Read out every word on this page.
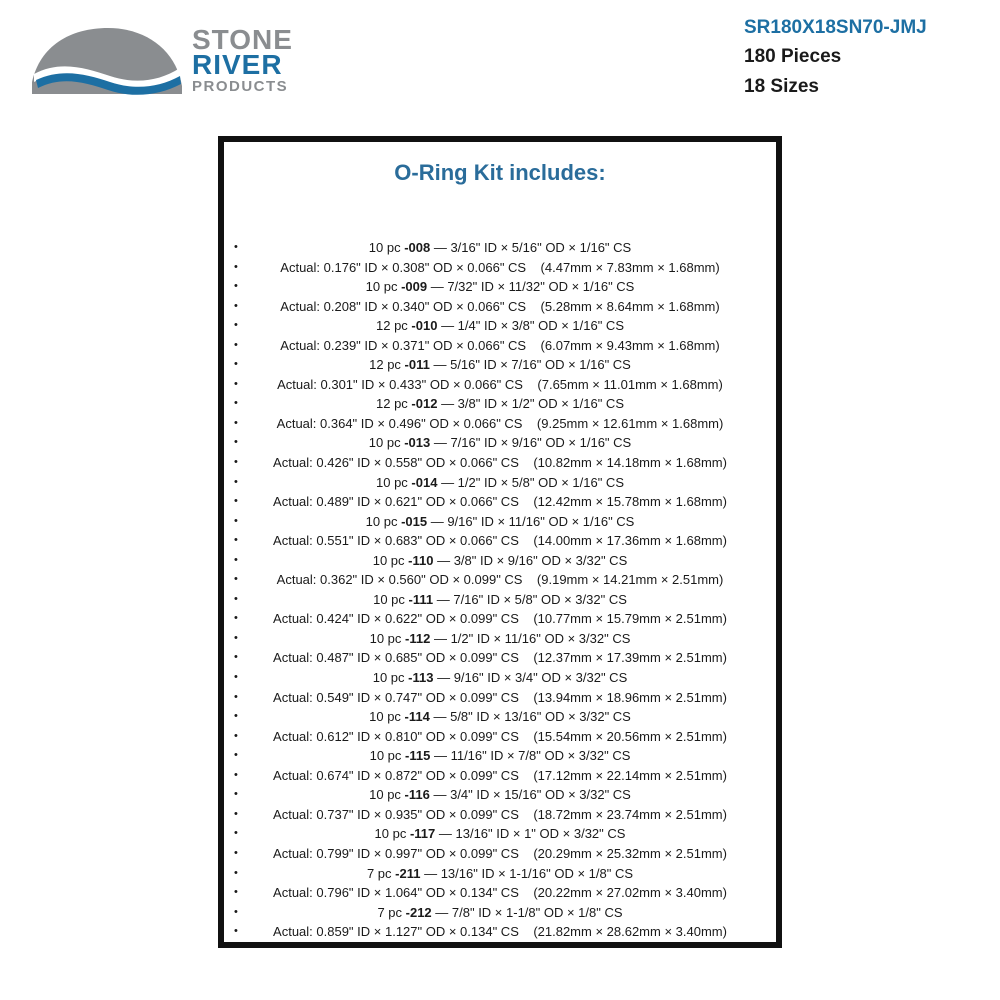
STONE
RIVER
PRODUCTS
SR180X18SN70-JMJ
180 Pieces
18 Sizes
O-Ring Kit includes:
•	10 pc -008 — 3/16" ID × 5/16" OD × 1/16" CS
•	Actual: 0.176" ID × 0.308" OD × 0.066" CS    (4.47mm × 7.83mm × 1.68mm)
•	10 pc -009 — 7/32" ID × 11/32" OD × 1/16" CS
•	Actual: 0.208" ID × 0.340" OD × 0.066" CS    (5.28mm × 8.64mm × 1.68mm)
•	12 pc -010 — 1/4" ID × 3/8" OD × 1/16" CS
•	Actual: 0.239" ID × 0.371" OD × 0.066" CS    (6.07mm × 9.43mm × 1.68mm)
•	12 pc -011 — 5/16" ID × 7/16" OD × 1/16" CS
•	Actual: 0.301" ID × 0.433" OD × 0.066" CS    (7.65mm × 11.01mm × 1.68mm)
•	12 pc -012 — 3/8" ID × 1/2" OD × 1/16" CS
•	Actual: 0.364" ID × 0.496" OD × 0.066" CS    (9.25mm × 12.61mm × 1.68mm)
•	10 pc -013 — 7/16" ID × 9/16" OD × 1/16" CS
•	Actual: 0.426" ID × 0.558" OD × 0.066" CS    (10.82mm × 14.18mm × 1.68mm)
•	10 pc -014 — 1/2" ID × 5/8" OD × 1/16" CS
•	Actual: 0.489" ID × 0.621" OD × 0.066" CS    (12.42mm × 15.78mm × 1.68mm)
•	10 pc -015 — 9/16" ID × 11/16" OD × 1/16" CS
•	Actual: 0.551" ID × 0.683" OD × 0.066" CS    (14.00mm × 17.36mm × 1.68mm)
•	10 pc -110 — 3/8" ID × 9/16" OD × 3/32" CS
•	Actual: 0.362" ID × 0.560" OD × 0.099" CS    (9.19mm × 14.21mm × 2.51mm)
•	10 pc -111 — 7/16" ID × 5/8" OD × 3/32" CS
•	Actual: 0.424" ID × 0.622" OD × 0.099" CS    (10.77mm × 15.79mm × 2.51mm)
•	10 pc -112 — 1/2" ID × 11/16" OD × 3/32" CS
•	Actual: 0.487" ID × 0.685" OD × 0.099" CS    (12.37mm × 17.39mm × 2.51mm)
•	10 pc -113 — 9/16" ID × 3/4" OD × 3/32" CS
•	Actual: 0.549" ID × 0.747" OD × 0.099" CS    (13.94mm × 18.96mm × 2.51mm)
•	10 pc -114 — 5/8" ID × 13/16" OD × 3/32" CS
•	Actual: 0.612" ID × 0.810" OD × 0.099" CS    (15.54mm × 20.56mm × 2.51mm)
•	10 pc -115 — 11/16" ID × 7/8" OD × 3/32" CS
•	Actual: 0.674" ID × 0.872" OD × 0.099" CS    (17.12mm × 22.14mm × 2.51mm)
•	10 pc -116 — 3/4" ID × 15/16" OD × 3/32" CS
•	Actual: 0.737" ID × 0.935" OD × 0.099" CS    (18.72mm × 23.74mm × 2.51mm)
•	10 pc -117 — 13/16" ID × 1" OD × 3/32" CS
•	Actual: 0.799" ID × 0.997" OD × 0.099" CS    (20.29mm × 25.32mm × 2.51mm)
•	7 pc -211 — 13/16" ID × 1-1/16" OD × 1/8" CS
•	Actual: 0.796" ID × 1.064" OD × 0.134" CS    (20.22mm × 27.02mm × 3.40mm)
•	7 pc -212 — 7/8" ID × 1-1/8" OD × 1/8" CS
•	Actual: 0.859" ID × 1.127" OD × 0.134" CS    (21.82mm × 28.62mm × 3.40mm)
